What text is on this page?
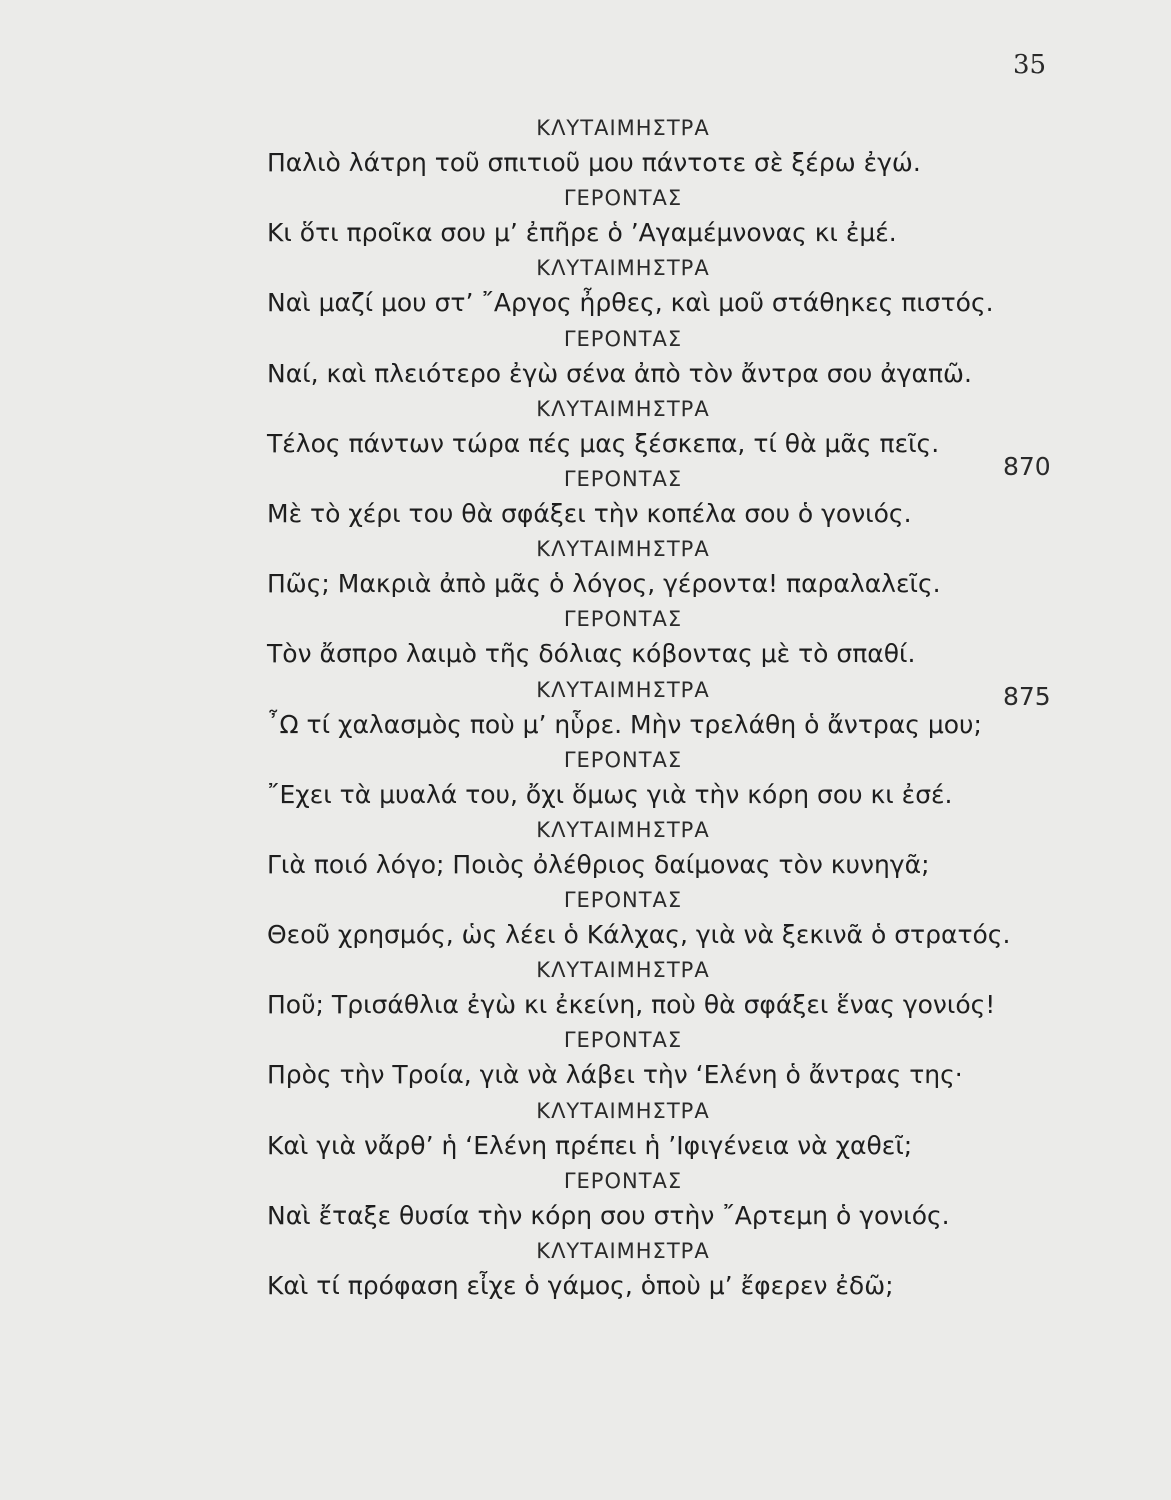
35
ΚΛΥΤΑΙΜΗΣΤΡΑ
Παλιὸ λάτρη τοῦ σπιτιοῦ μου πάντοτε σὲ ξέρω ἐγώ.
ΓΕΡΟΝΤΑΣ
Κι ὅτι προῖκα σου μ’ ἐπῆρε ὁ ’Αγαμέμνονας κι ἐμέ.
ΚΛΥΤΑΙΜΗΣΤΡΑ
Ναὶ μαζί μου στ’ ῎Αργος ἦρθες, καὶ μοῦ στάθηκες πιστός.
ΓΕΡΟΝΤΑΣ
Ναί, καὶ πλειότερο ἐγὼ σένα ἀπὸ τὸν ἄντρα σου ἀγαπῶ.
ΚΛΥΤΑΙΜΗΣΤΡΑ
Τέλος πάντων τώρα πές μας ξέσκεπα, τί θὰ μᾶς πεῖς.
ΓΕΡΟΝΤΑΣ
Μὲ τὸ χέρι του θὰ σφάξει τὴν κοπέλα σου ὁ γονιός.
ΚΛΥΤΑΙΜΗΣΤΡΑ
Πῶς; Μακριὰ ἀπὸ μᾶς ὁ λόγος, γέροντα! παραλαλεῖς.
ΓΕΡΟΝΤΑΣ
Τὸν ἄσπρο λαιμὸ τῆς δόλιας κόβοντας μὲ τὸ σπαθί.
ΚΛΥΤΑΙΜΗΣΤΡΑ
῏Ω τί χαλασμὸς ποὺ μ’ ηὗρε. Μὴν τρελάθη ὁ ἄντρας μου;
ΓΕΡΟΝΤΑΣ
῎Εχει τὰ μυαλά του, ὄχι ὅμως γιὰ τὴν κόρη σου κι ἐσέ.
ΚΛΥΤΑΙΜΗΣΤΡΑ
Γιὰ ποιό λόγο; Ποιὸς ὀλέθριος δαίμονας τὸν κυνηγᾶ;
ΓΕΡΟΝΤΑΣ
Θεοῦ χρησμός, ὡς λέει ὁ Κάλχας, γιὰ νὰ ξεκινᾶ ὁ στρατός.
ΚΛΥΤΑΙΜΗΣΤΡΑ
Ποῦ; Τρισάθλια ἐγὼ κι ἐκείνη, ποὺ θὰ σφάξει ἕνας γονιός!
ΓΕΡΟΝΤΑΣ
Πρὸς τὴν Τροία, γιὰ νὰ λάβει τὴν ‘Ελένη ὁ ἄντρας της·
ΚΛΥΤΑΙΜΗΣΤΡΑ
Καὶ γιὰ νἄρθ’ ἡ ‘Ελένη πρέπει ἡ ’Ιφιγένεια νὰ χαθεῖ;
ΓΕΡΟΝΤΑΣ
Ναὶ ἔταξε θυσία τὴν κόρη σου στὴν ῎Αρτεμη ὁ γονιός.
ΚΛΥΤΑΙΜΗΣΤΡΑ
Καὶ τί πρόφαση εἶχε ὁ γάμος, ὁποὺ μ’ ἔφερεν ἐδῶ;
870
875
